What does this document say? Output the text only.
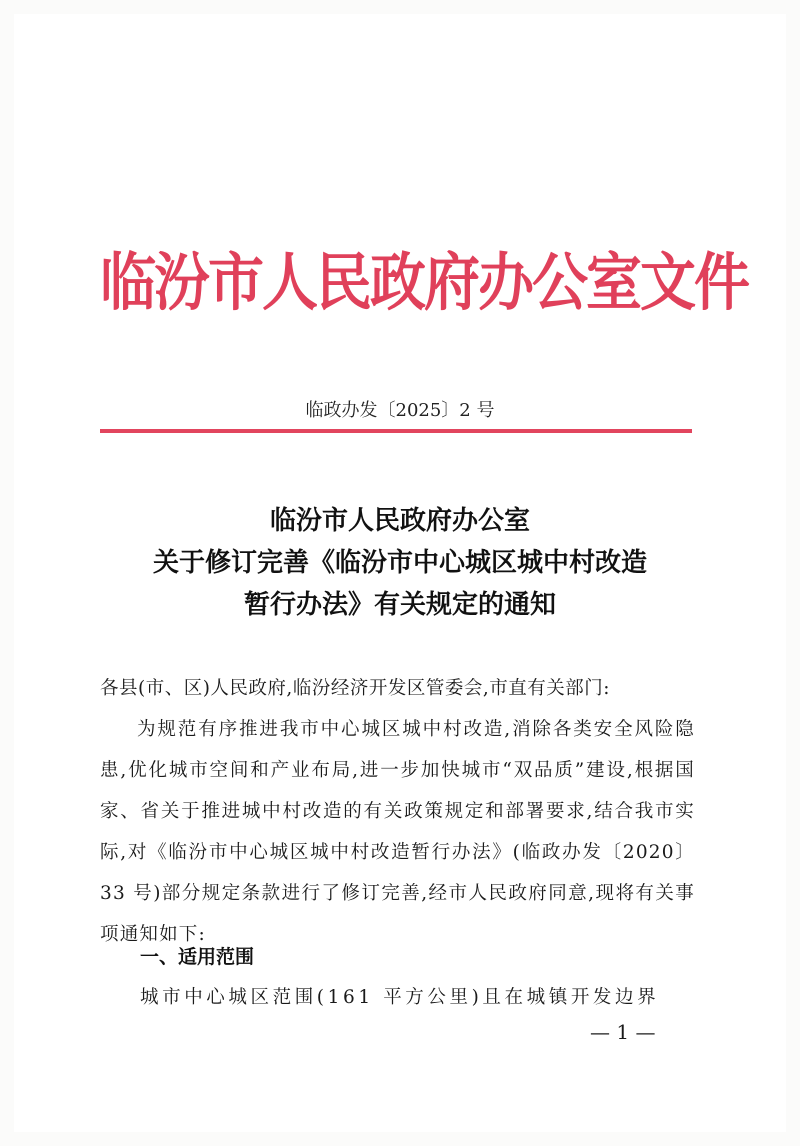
临汾市人民政府办公室文件
临政办发〔2025〕2 号
临汾市人民政府办公室
关于修订完善《临汾市中心城区城中村改造
暂行办法》有关规定的通知

各县(市、区)人民政府,临汾经济开发区管委会,市直有关部门:

为规范有序推进我市中心城区城中村改造,消除各类安全风险隐患,优化城市空间和产业布局,进一步加快城市“双品质”建设,根据国家、省关于推进城中村改造的有关政策规定和部署要求,结合我市实际,对《临汾市中心城区城中村改造暂行办法》(临政办发〔2020〕33 号)部分规定条款进行了修订完善,经市人民政府同意,现将有关事项通知如下:

一、适用范围
城市中心城区范围(161 平方公里)且在城镇开发边界
— 1 —
